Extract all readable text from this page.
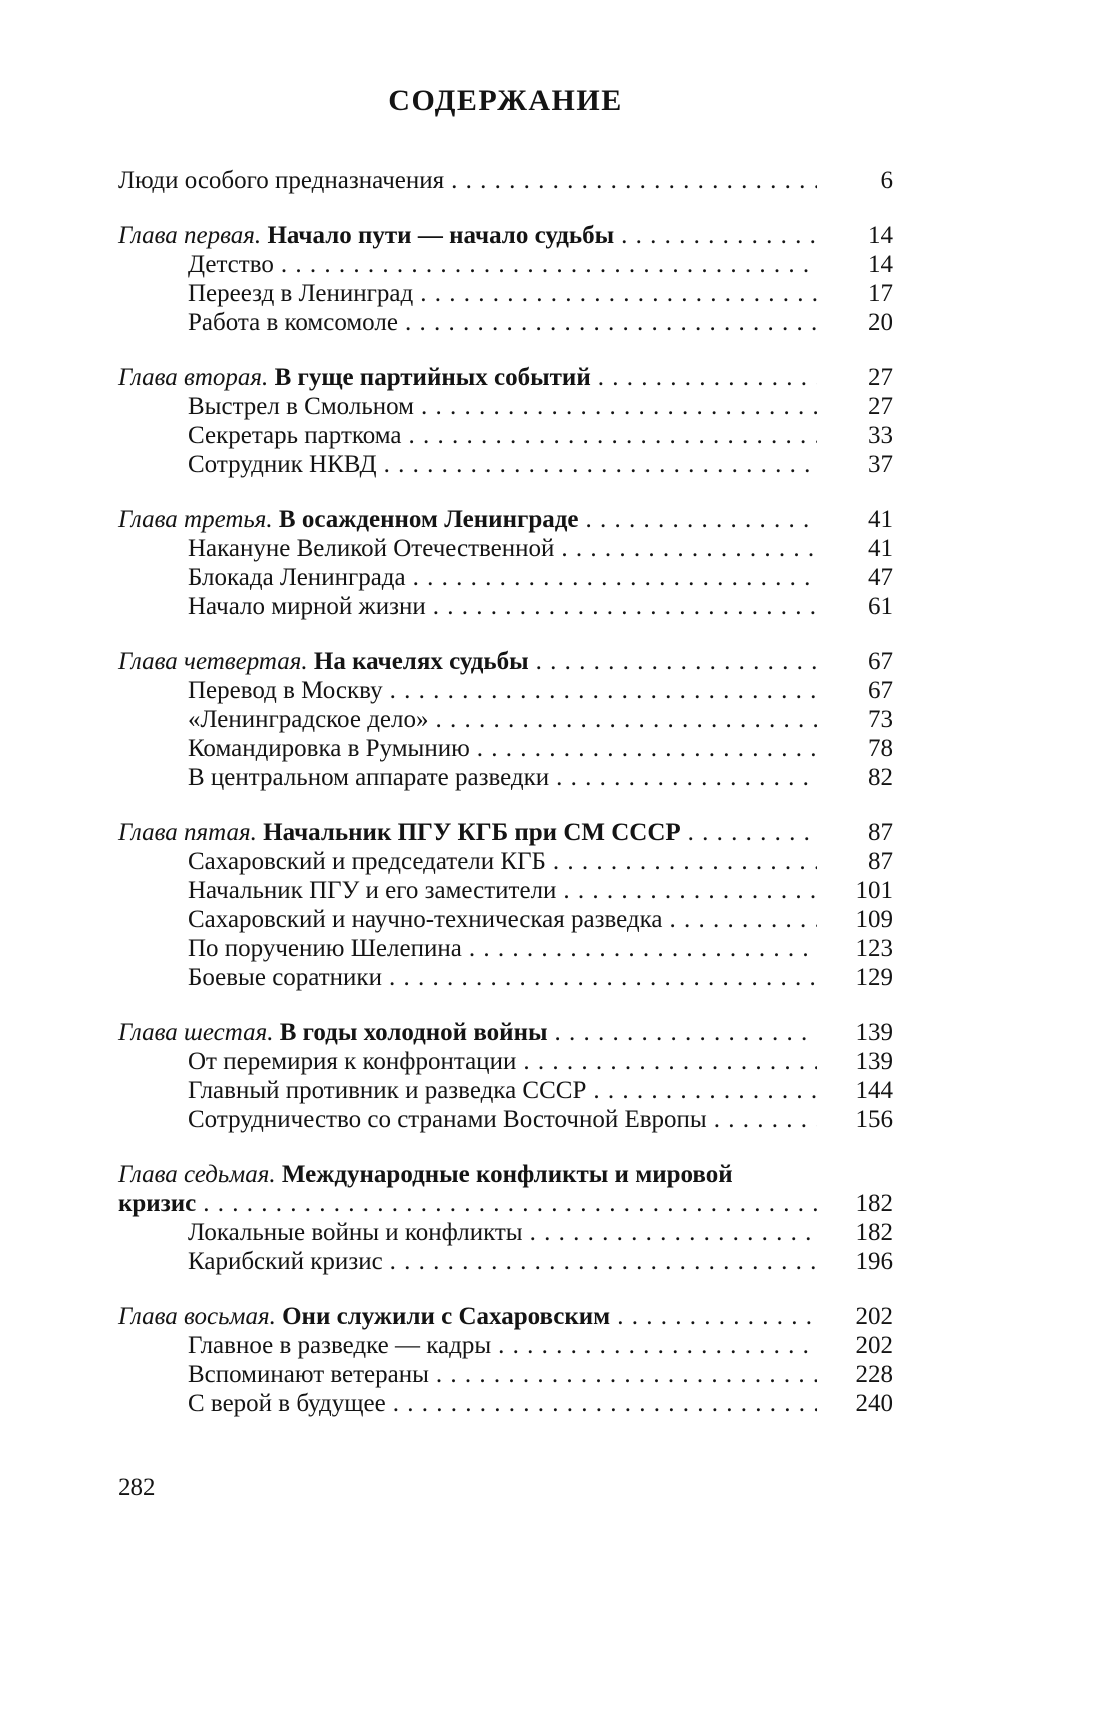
СОДЕРЖАНИЕ
Люди особого предназначения . . .	6
Глава первая. Начало пути — начало судьбы . . .	14
Детство . . .	14
Переезд в Ленинград . . .	17
Работа в комсомоле . . .	20
Глава вторая. В гуще партийных событий . . .	27
Выстрел в Смольном . . .	27
Секретарь парткома . . .	33
Сотрудник НКВД . . .	37
Глава третья. В осажденном Ленинграде . . .	41
Накануне Великой Отечественной . . .	41
Блокада Ленинграда . . .	47
Начало мирной жизни . . .	61
Глава четвертая. На качелях судьбы . . .	67
Перевод в Москву . . .	67
«Ленинградское дело» . . .	73
Командировка в Румынию . . .	78
В центральном аппарате разведки . . .	82
Глава пятая. Начальник ПГУ КГБ при СМ СССР . . .	87
Сахаровский и председатели КГБ . . .	87
Начальник ПГУ и его заместители . . .	101
Сахаровский и научно-техническая разведка . . .	109
По поручению Шелепина . . .	123
Боевые соратники . . .	129
Глава шестая. В годы холодной войны . . .	139
От перемирия к конфронтации . . .	139
Главный противник и разведка СССР . . .	144
Сотрудничество со странами Восточной Европы . . .	156
Глава седьмая. Международные конфликты и мировой
кризис . . .	182
Локальные войны и конфликты . . .	182
Карибский кризис . . .	196
Глава восьмая. Они служили с Сахаровским . . .	202
Главное в разведке — кадры . . .	202
Вспоминают ветераны . . .	228
С верой в будущее . . .	240
282
